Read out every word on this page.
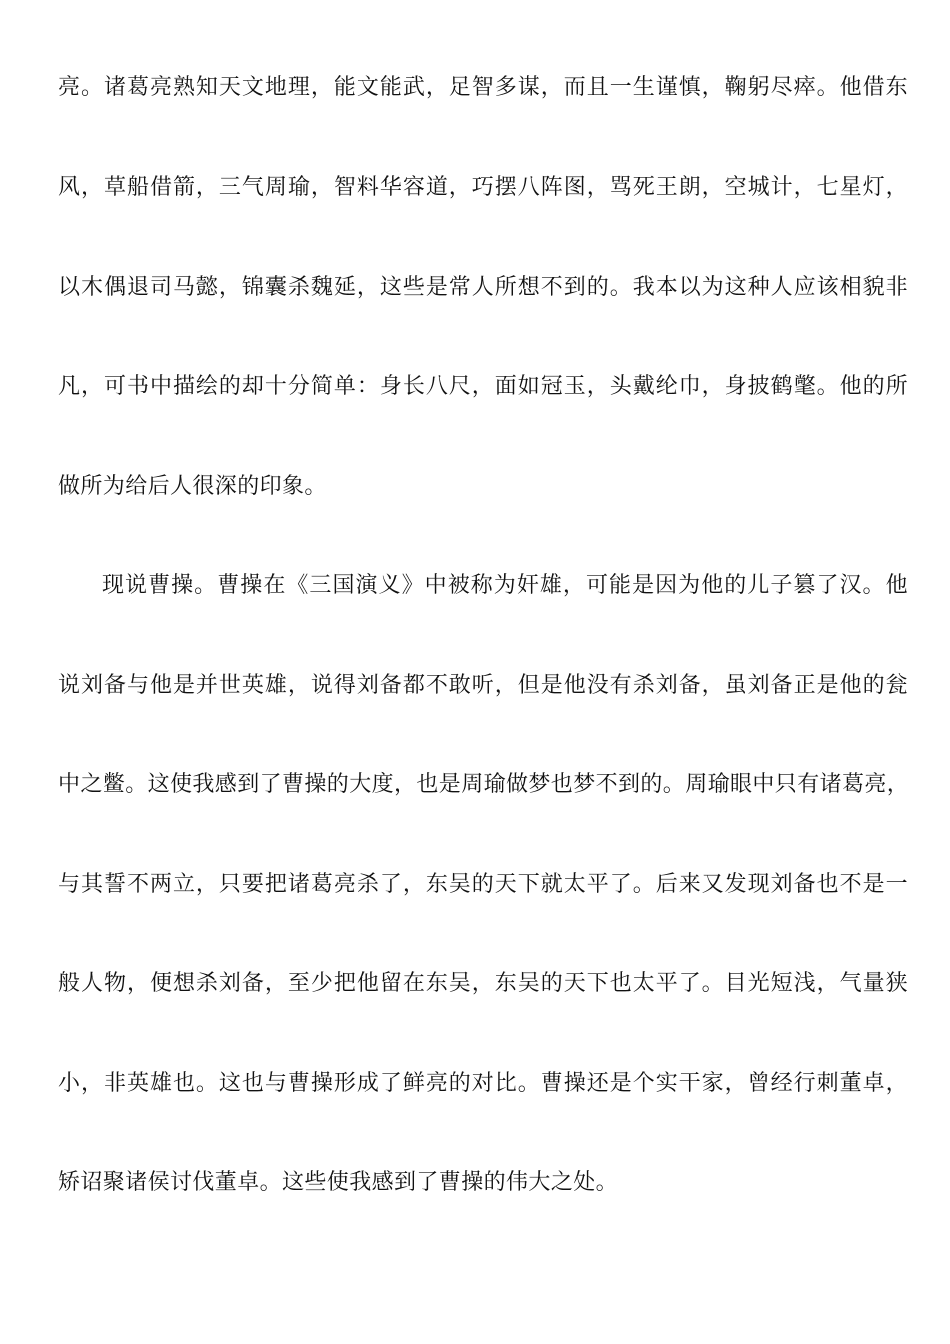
亮。诸葛亮熟知天文地理，能文能武，足智多谋，而且一生谨慎，鞠躬尽瘁。他借东
风，草船借箭，三气周瑜，智料华容道，巧摆八阵图，骂死王朗，空城计，七星灯，
以木偶退司马懿，锦囊杀魏延，这些是常人所想不到的。我本以为这种人应该相貌非
凡，可书中描绘的却十分简单：身长八尺，面如冠玉，头戴纶巾，身披鹤氅。他的所
做所为给后人很深的印象。
现说曹操。曹操在《三国演义》中被称为奸雄，可能是因为他的儿子篡了汉。他
说刘备与他是并世英雄，说得刘备都不敢听，但是他没有杀刘备，虽刘备正是他的瓮
中之鳖。这使我感到了曹操的大度，也是周瑜做梦也梦不到的。周瑜眼中只有诸葛亮，
与其誓不两立，只要把诸葛亮杀了，东吴的天下就太平了。后来又发现刘备也不是一
般人物，便想杀刘备，至少把他留在东吴，东吴的天下也太平了。目光短浅，气量狭
小，非英雄也。这也与曹操形成了鲜亮的对比。曹操还是个实干家，曾经行刺董卓，
矫诏聚诸侯讨伐董卓。这些使我感到了曹操的伟大之处。
